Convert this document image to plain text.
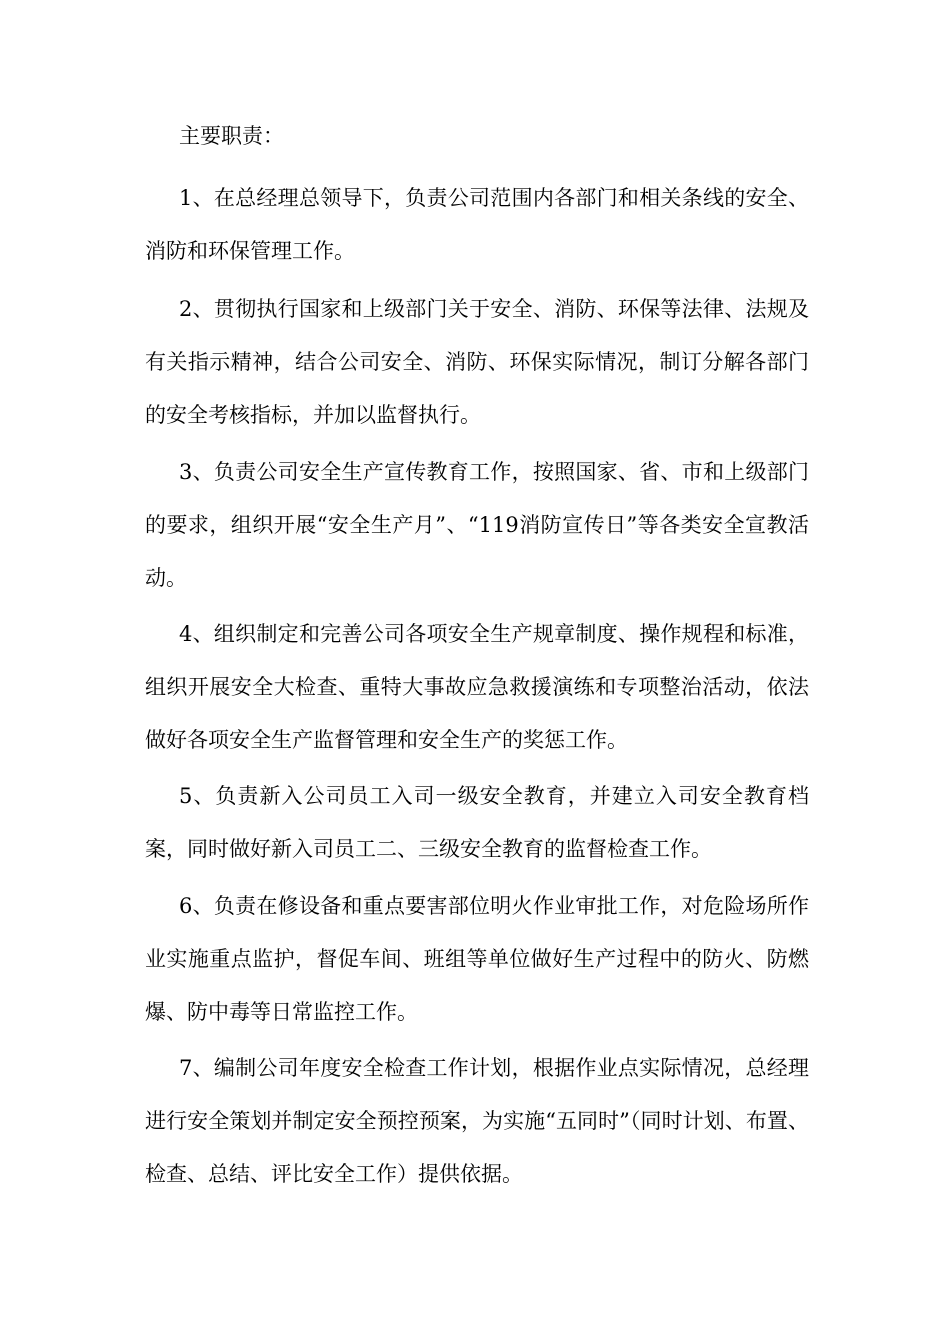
主要职责：

1、在总经理总领导下，负责公司范围内各部门和相关条线的安全、消防和环保管理工作。

2、贯彻执行国家和上级部门关于安全、消防、环保等法律、法规及有关指示精神，结合公司安全、消防、环保实际情况，制订分解各部门的安全考核指标，并加以监督执行。

3、负责公司安全生产宣传教育工作，按照国家、省、市和上级部门的要求，组织开展“安全生产月”、“119消防宣传日”等各类安全宣教活动。

4、组织制定和完善公司各项安全生产规章制度、操作规程和标准，组织开展安全大检查、重特大事故应急救援演练和专项整治活动，依法做好各项安全生产监督管理和安全生产的奖惩工作。

5、负责新入公司员工入司一级安全教育，并建立入司安全教育档案，同时做好新入司员工二、三级安全教育的监督检查工作。

6、负责在修设备和重点要害部位明火作业审批工作，对危险场所作业实施重点监护，督促车间、班组等单位做好生产过程中的防火、防燃爆、防中毒等日常监控工作。

7、编制公司年度安全检查工作计划，根据作业点实际情况，总经理进行安全策划并制定安全预控预案，为实施“五同时”（同时计划、布置、检查、总结、评比安全工作）提供依据。
